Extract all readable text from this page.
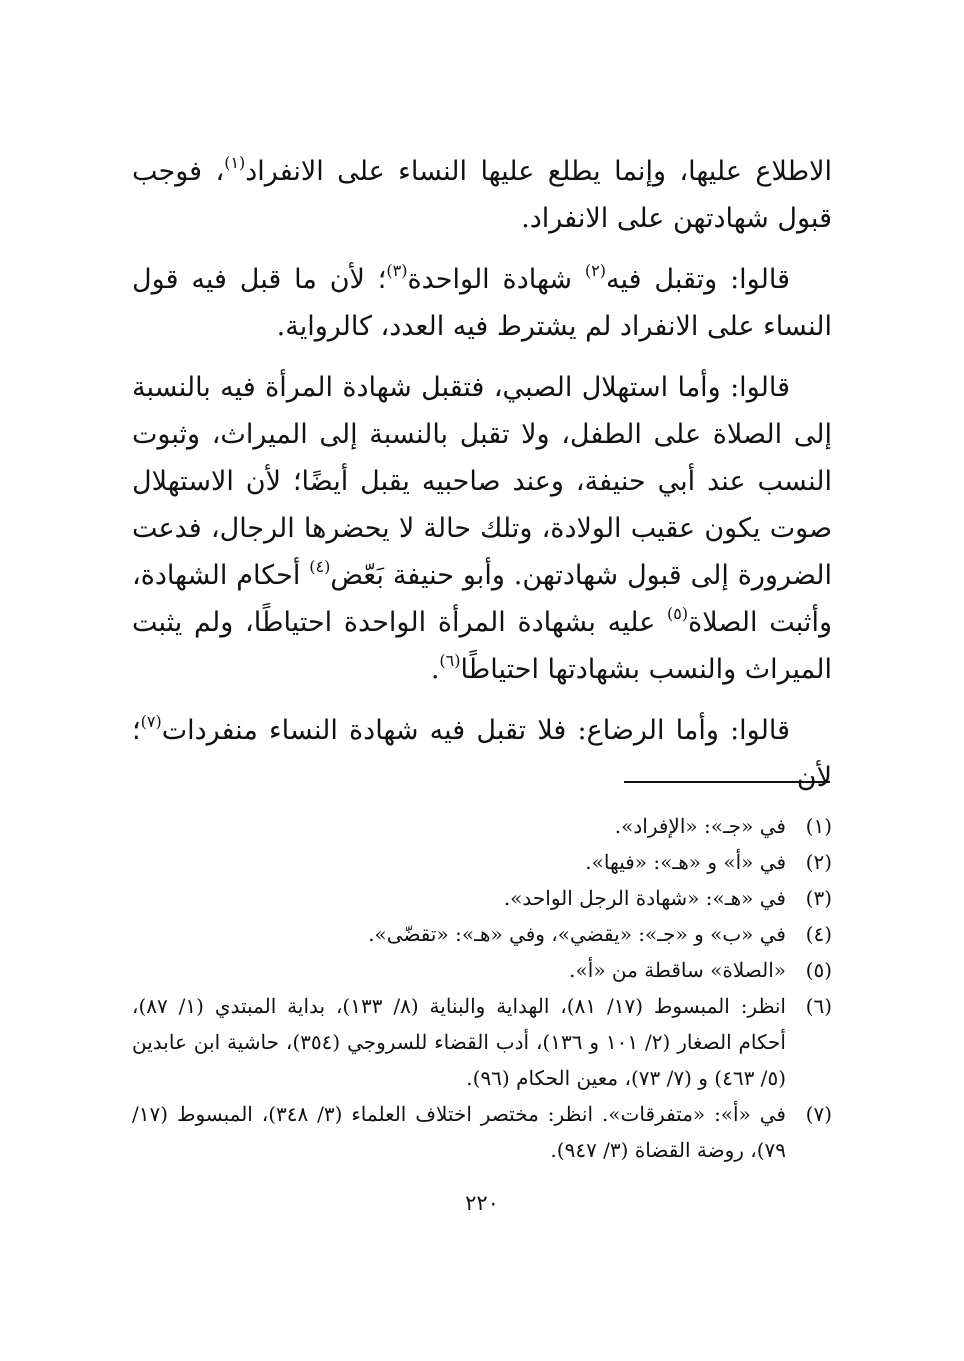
الاطلاع عليها، وإنما يطلع عليها النساء على الانفراد$^{(١)}$، فوجب قبول شهادتهن على الانفراد.

قالوا: وتقبل فيه$^{(٢)}$ شهادة الواحدة$^{(٣)}$؛ لأن ما قبل فيه قول النساء على الانفراد لم يشترط فيه العدد، كالرواية.

قالوا: وأما استهلال الصبي، فتقبل شهادة المرأة فيه بالنسبة إلى الصلاة على الطفل، ولا تقبل بالنسبة إلى الميراث، وثبوت النسب عند أبي حنيفة، وعند صاحبيه يقبل أيضًا؛ لأن الاستهلال صوت يكون عقيب الولادة، وتلك حالة لا يحضرها الرجال، فدعت الضرورة إلى قبول شهادتهن. وأبو حنيفة بَعّض$^{(٤)}$ أحكام الشهادة، وأثبت الصلاة$^{(٥)}$ عليه بشهادة المرأة الواحدة احتياطًا، ولم يثبت الميراث والنسب بشهادتها احتياطًا$^{(٦)}$.

قالوا: وأما الرضاع: فلا تقبل فيه شهادة النساء منفردات$^{(٧)}$؛ لأن

(١)
في «جـ»: «الإفراد».
(٢)
في «أ» و «هـ»: «فيها».
(٣)
في «هـ»: «شهادة الرجل الواحد».
(٤)
في «ب» و «جـ»: «يقضي»، وفي «هـ»: «تقضّى».
(٥)
«الصلاة» ساقطة من «أ».
(٦)
انظر: المبسوط (١٧/ ٨١)، الهداية والبناية (٨/ ١٣٣)، بداية المبتدي (١/ ٨٧)، أحكام الصغار (٢/ ١٠١ و ١٣٦)، أدب القضاء للسروجي (٣٥٤)، حاشية ابن عابدين (٥/ ٤٦٣) و (٧/ ٧٣)، معين الحكام (٩٦).
(٧)
في «أ»: «متفرقات». انظر: مختصر اختلاف العلماء (٣/ ٣٤٨)، المبسوط (١٧/ ٧٩)، روضة القضاة (٣/ ٩٤٧).
٢٢٠
